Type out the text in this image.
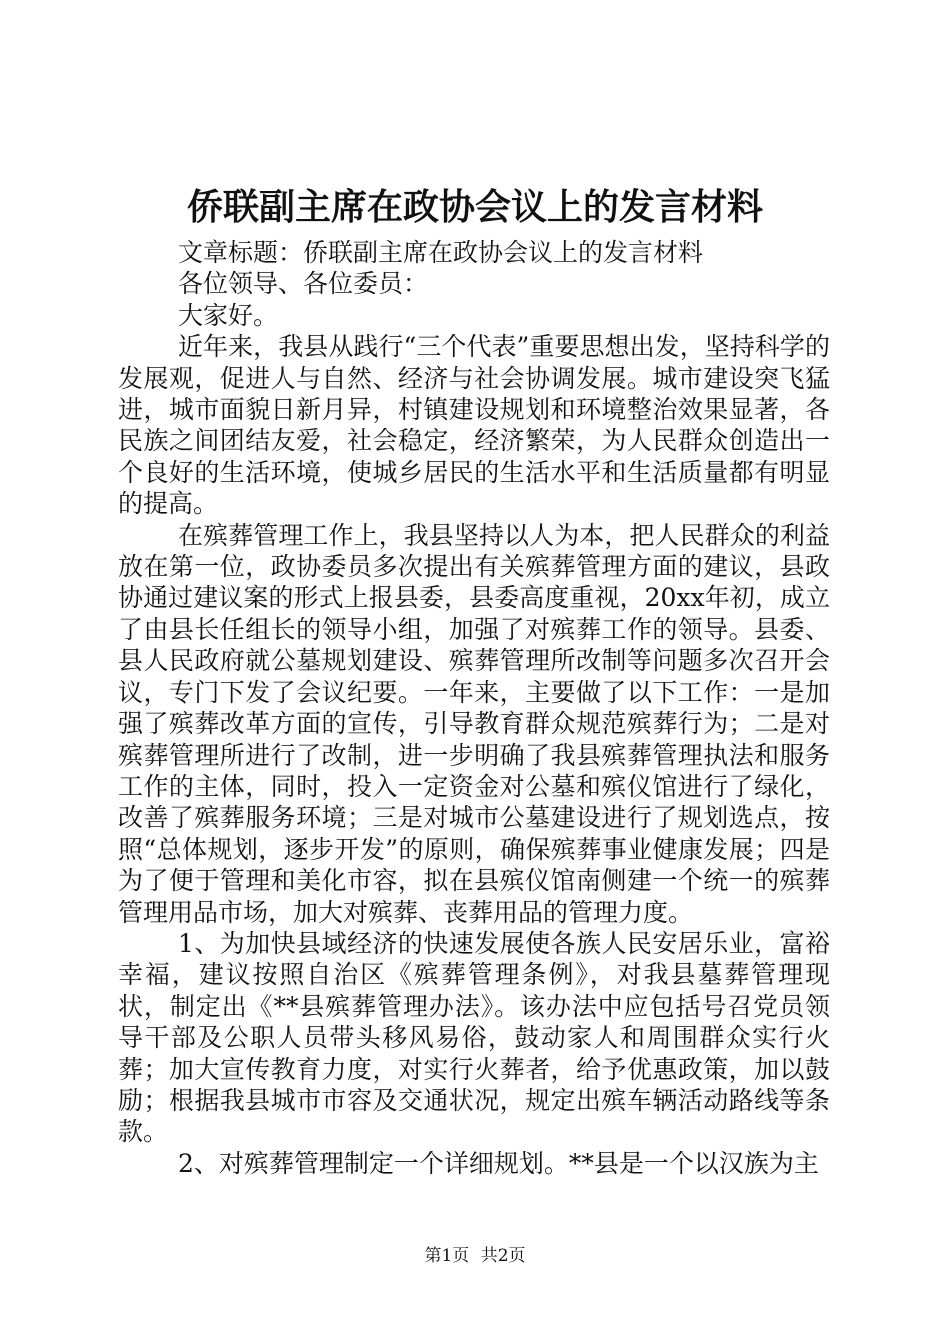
侨联副主席在政协会议上的发言材料

文章标题：侨联副主席在政协会议上的发言材料

各位领导、各位委员：

大家好。

近年来，我县从践行“三个代表”重要思想出发，坚持科学的发展观，促进人与自然、经济与社会协调发展。城市建设突飞猛进，城市面貌日新月异，村镇建设规划和环境整治效果显著，各民族之间团结友爱，社会稳定，经济繁荣，为人民群众创造出一个良好的生活环境，使城乡居民的生活水平和生活质量都有明显的提高。

在殡葬管理工作上，我县坚持以人为本，把人民群众的利益放在第一位，政协委员多次提出有关殡葬管理方面的建议，县政协通过建议案的形式上报县委，县委高度重视，20xx年初，成立了由县长任组长的领导小组，加强了对殡葬工作的领导。县委、县人民政府就公墓规划建设、殡葬管理所改制等问题多次召开会议，专门下发了会议纪要。一年来，主要做了以下工作：一是加强了殡葬改革方面的宣传，引导教育群众规范殡葬行为；二是对殡葬管理所进行了改制，进一步明确了我县殡葬管理执法和服务工作的主体，同时，投入一定资金对公墓和殡仪馆进行了绿化，改善了殡葬服务环境；三是对城市公墓建设进行了规划选点，按照“总体规划，逐步开发”的原则，确保殡葬事业健康发展；四是为了便于管理和美化市容，拟在县殡仪馆南侧建一个统一的殡葬管理用品市场，加大对殡葬、丧葬用品的管理力度。

1、为加快县域经济的快速发展使各族人民安居乐业，富裕幸福，建议按照自治区《殡葬管理条例》，对我县墓葬管理现状，制定出《**县殡葬管理办法》。该办法中应包括号召党员领导干部及公职人员带头移风易俗，鼓动家人和周围群众实行火葬；加大宣传教育力度，对实行火葬者，给予优惠政策，加以鼓励；根据我县城市市容及交通状况，规定出殡车辆活动路线等条款。

2、对殡葬管理制定一个详细规划。**县是一个以汉族为主

第1页 共2页
